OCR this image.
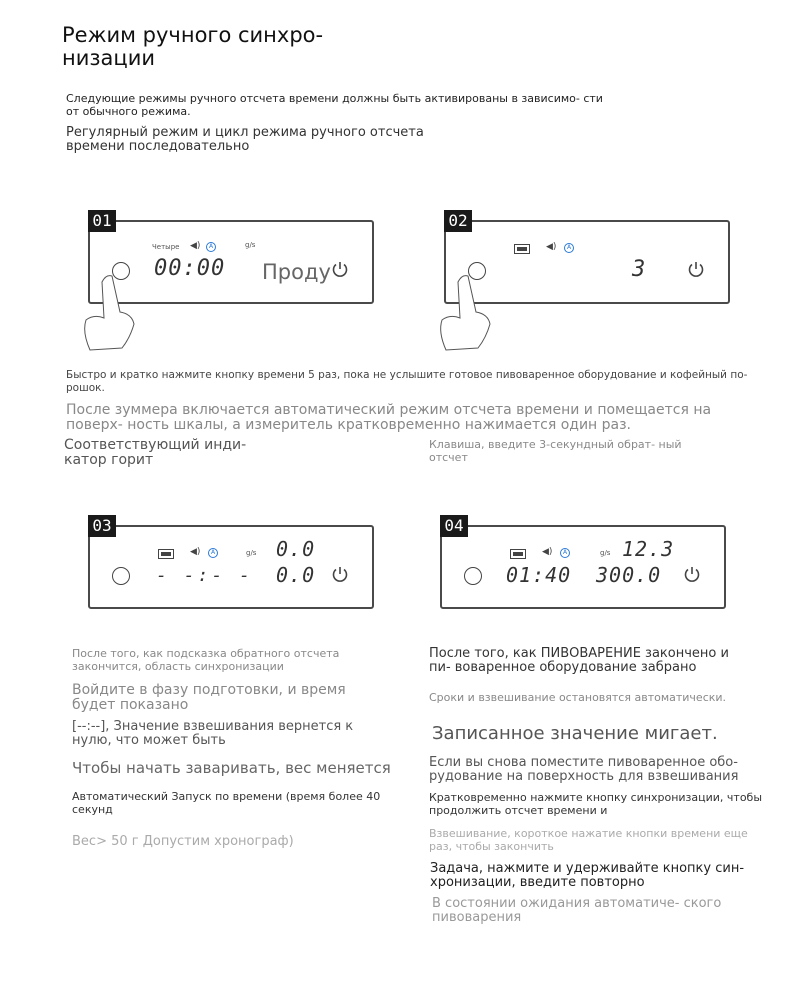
Режим ручного синхро- низации
Следующие режимы ручного отсчета времени должны быть активированы в зависимо- сти от обычного режима.
Регулярный режим и цикл режима ручного отсчета времени последовательно
01
Четыре ◀)	A	g/s
00:00 Проду
02
◀)	A
3
Быстро и кратко нажмите кнопку времени 5 раз, пока не услышите готовое пивоваренное оборудование и кофейный по- рошок.
После зуммера включается автоматический режим отсчета времени и помещается на поверх- ность шкалы, а измеритель кратковременно нажимается один раз.
Соответствующий инди- катор горит
Клавиша, введите 3-секундный обрат- ный отсчет
03
◀)	A	g/s 0.0
- -:- - 0.0
04
◀)	A	g/s 12.3
01:40 300.0
После того, как подсказка обратного отсчета закончится, область синхронизации
Войдите в фазу подготовки, и время будет показано
[--:--], Значение взвешивания вернется к нулю, что может быть
Чтобы начать заваривать, вес меняется
Автоматический Запуск по времени (время более 40 секунд
Вес> 50 г Допустим хронограф)
После того, как ПИВОВАРЕНИЕ закончено и пи- воваренное оборудование забрано
Сроки и взвешивание остановятся автоматически.
Записанное значение мигает.
Если вы снова поместите пивоваренное обо- рудование на поверхность для взвешивания
Кратковременно нажмите кнопку синхронизации, чтобы продолжить отсчет времени и
Взвешивание, короткое нажатие кнопки времени еще раз, чтобы закончить
Задача, нажмите и удерживайте кнопку син- хронизации, введите повторно
В состоянии ожидания автоматиче- ского пивоварения
